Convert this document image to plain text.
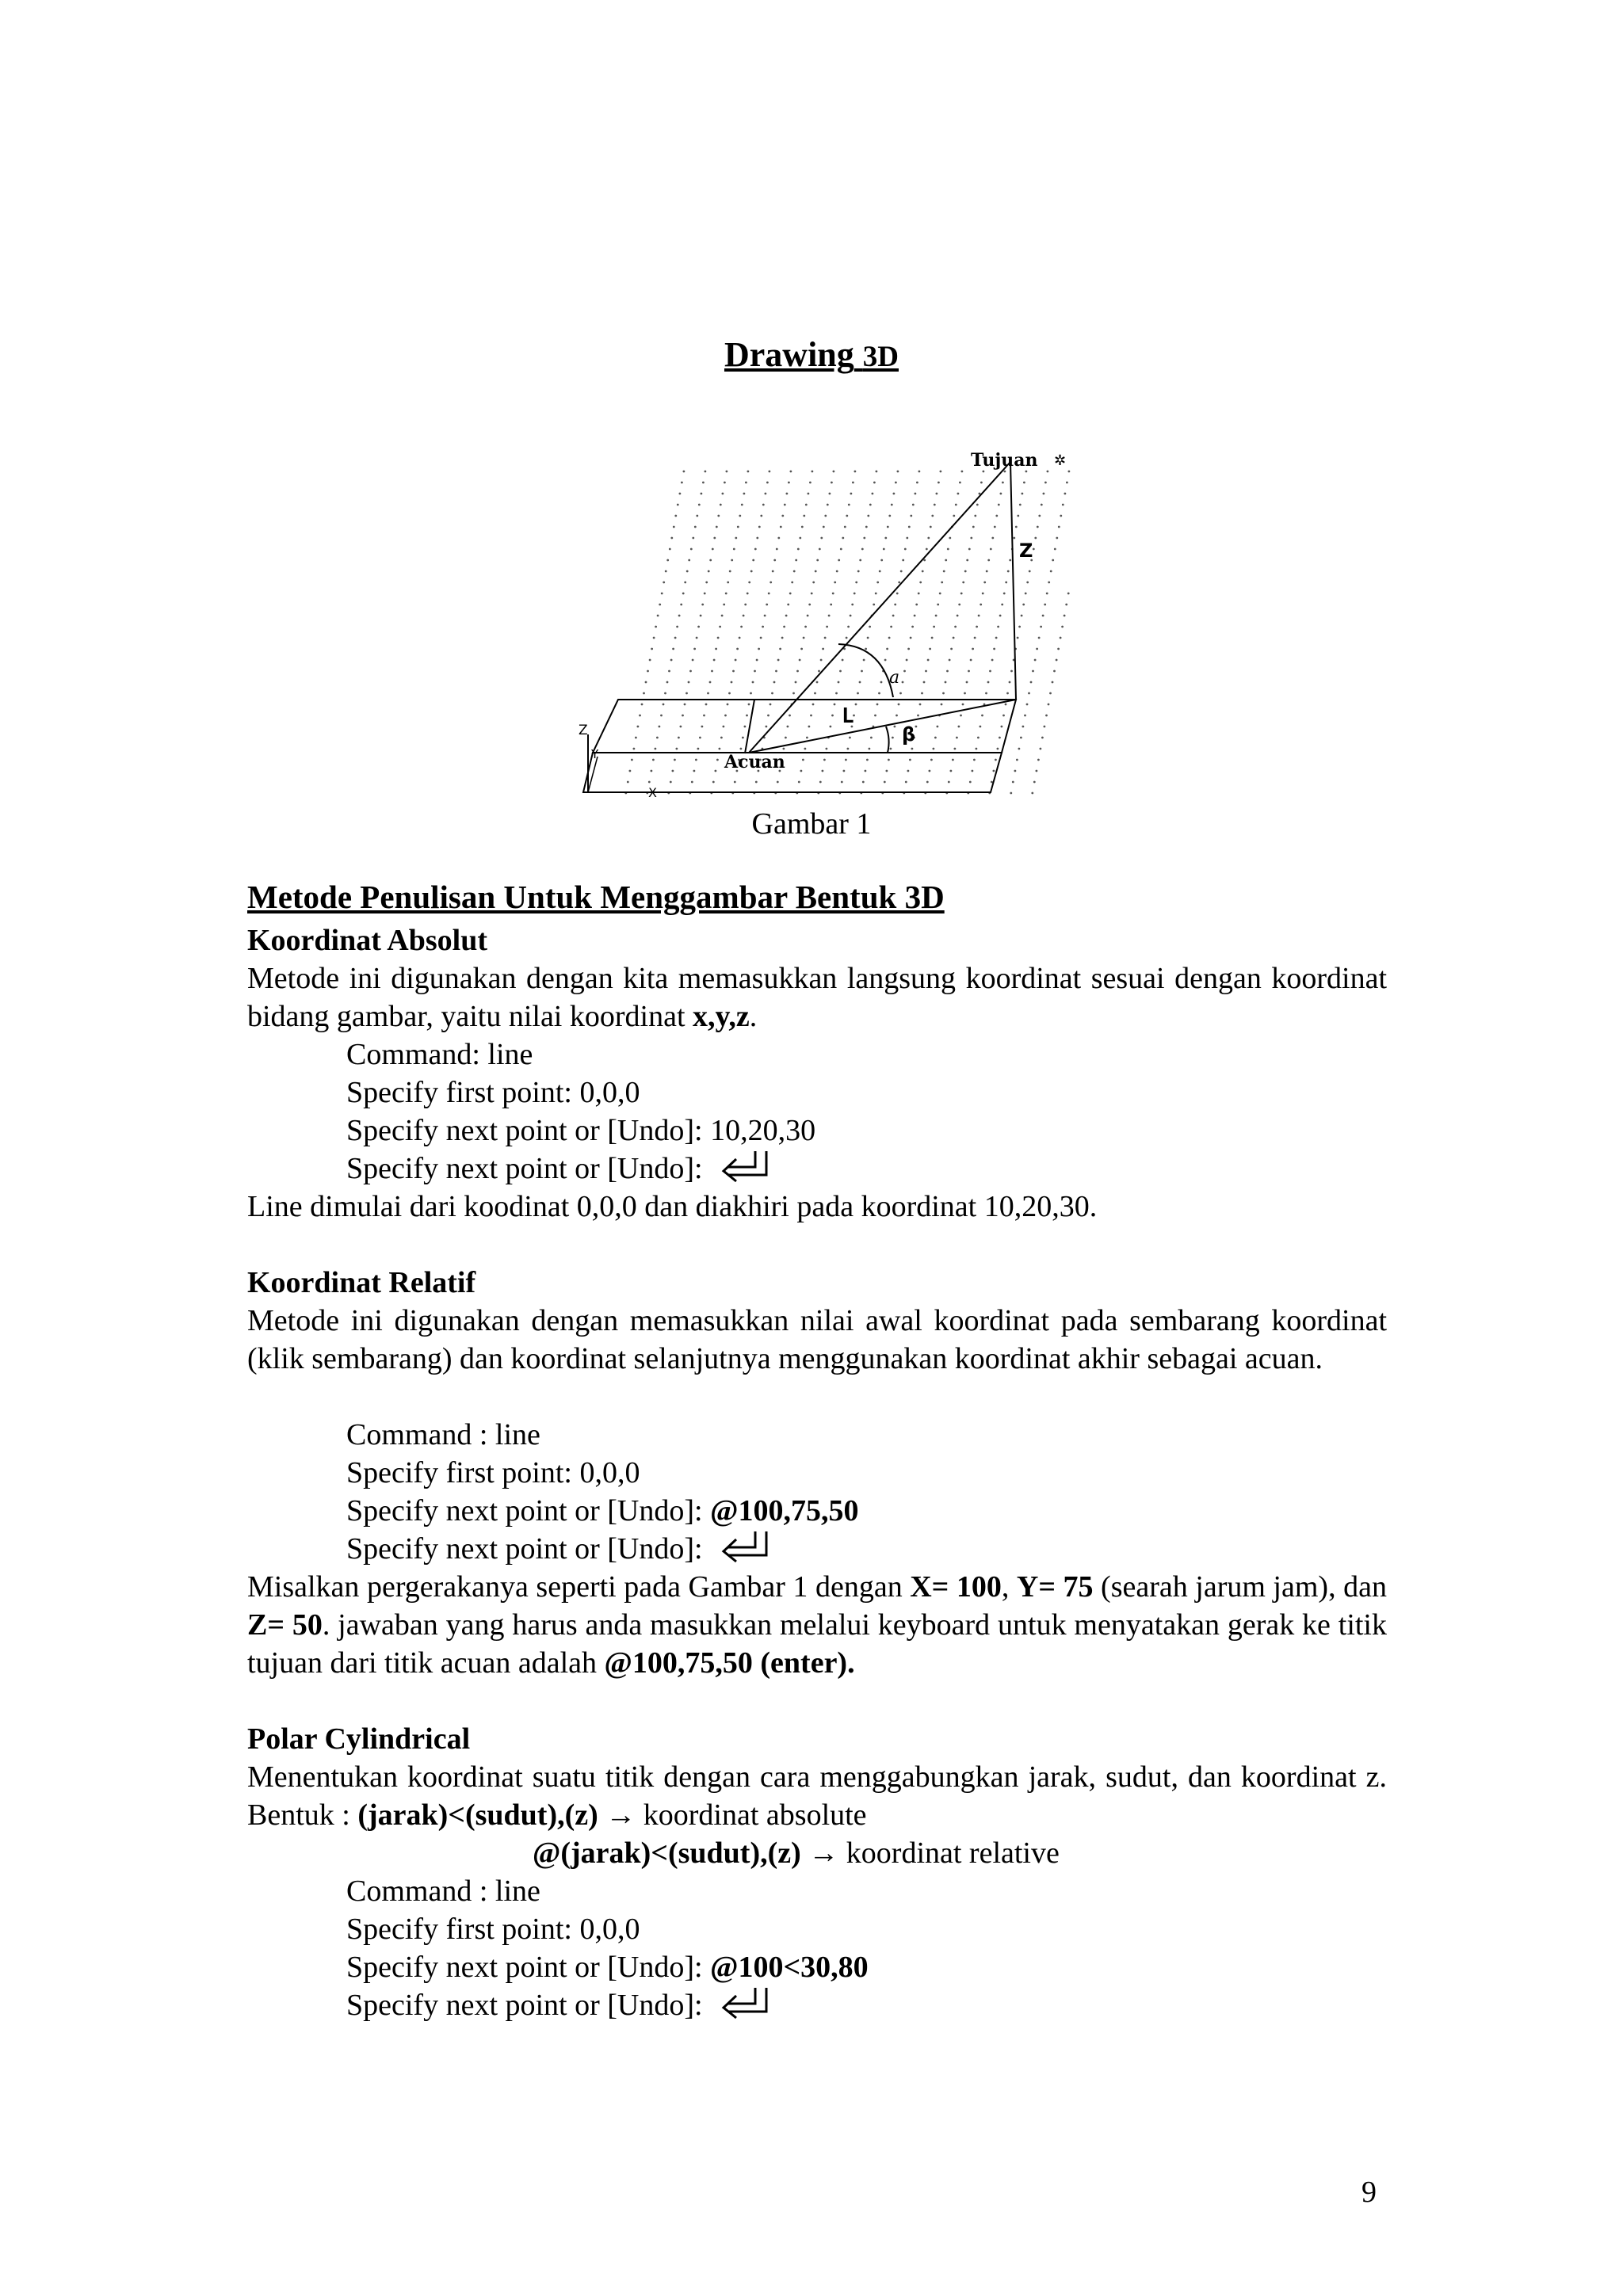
Drawing 3D
Tujuan ✲
Z
a
L
β
Acuan
Z
Y
X
Gambar 1
Metode Penulisan Untuk Menggambar Bentuk 3D
Koordinat Absolut
Metode ini digunakan dengan kita memasukkan langsung koordinat sesuai dengan koordinat bidang gambar, yaitu nilai koordinat x,y,z.
Command: line
Specify first point: 0,0,0
Specify next point or [Undo]: 10,20,30
Specify next point or [Undo]:
Line dimulai dari koodinat 0,0,0 dan diakhiri pada koordinat 10,20,30.
Koordinat Relatif
Metode ini digunakan dengan memasukkan nilai awal koordinat pada sembarang koordinat (klik sembarang) dan koordinat selanjutnya menggunakan koordinat akhir sebagai acuan.
Command : line
Specify first point: 0,0,0
Specify next point or [Undo]: @100,75,50
Specify next point or [Undo]:
Misalkan pergerakanya seperti pada Gambar 1 dengan X= 100, Y= 75 (searah jarum jam), dan Z= 50. jawaban yang harus anda masukkan melalui keyboard untuk menyatakan gerak ke titik tujuan dari titik acuan adalah @100,75,50 (enter).
Polar Cylindrical
Menentukan koordinat suatu titik dengan cara menggabungkan jarak, sudut, dan koordinat z. Bentuk : (jarak)<(sudut),(z) → koordinat absolute
@(jarak)<(sudut),(z) → koordinat relative
Command : line
Specify first point: 0,0,0
Specify next point or [Undo]: @100<30,80
Specify next point or [Undo]:
9
